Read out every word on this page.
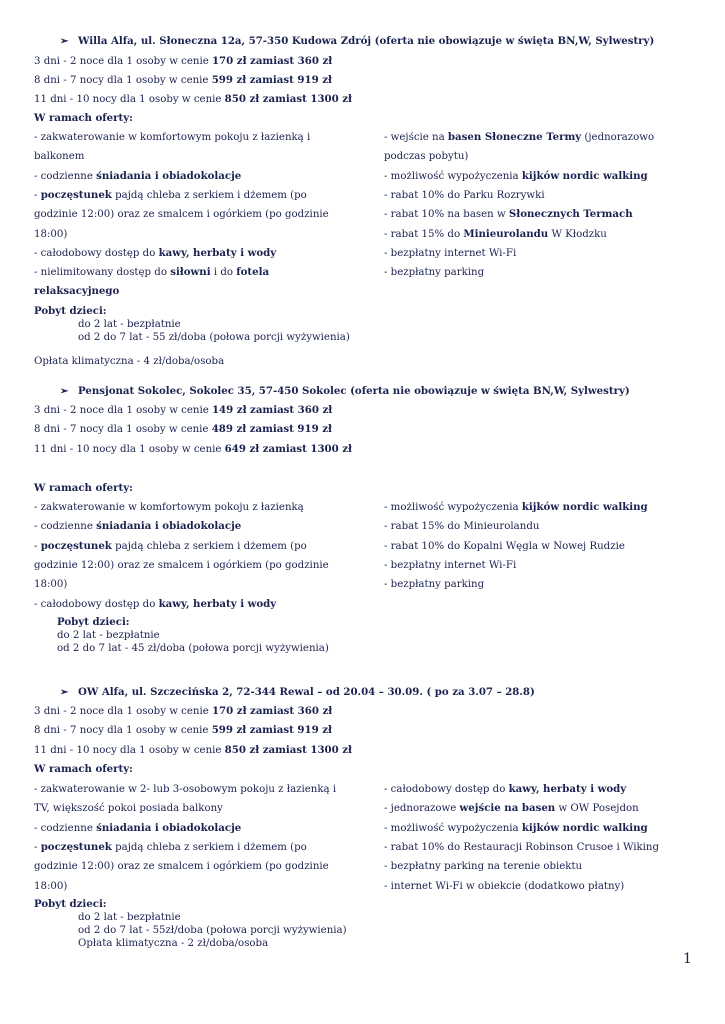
➢ Willa Alfa, ul. Słoneczna 12a, 57-350 Kudowa Zdrój (oferta nie obowiązuje w święta BN,W, Sylwestry)
3 dni - 2 noce dla 1 osoby w cenie 170 zł zamiast 360 zł
8 dni - 7 nocy dla 1 osoby w cenie 599 zł zamiast 919 zł
11 dni - 10 nocy dla 1 osoby w cenie 850 zł zamiast 1300 zł
W ramach oferty:
- zakwaterowanie w komfortowym pokoju z łazienką i
balkonem
- codzienne śniadania i obiadokolacje
- poczęstunek pajdą chleba z serkiem i dżemem (po
godzinie 12:00) oraz ze smalcem i ogórkiem (po godzinie
18:00)
- całodobowy dostęp do kawy, herbaty i wody
- nielimitowany dostęp do siłowni i do fotela
relaksacyjnego
- wejście na basen Słoneczne Termy (jednorazowo
podczas pobytu)
- możliwość wypożyczenia kijków nordic walking
- rabat 10% do Parku Rozrywki
- rabat 10% na basen w Słonecznych Termach
- rabat 15% do Minieurolandu W Kłodzku
- bezpłatny internet Wi-Fi
- bezpłatny parking
Pobyt dzieci:
do 2 lat - bezpłatnie
od 2 do 7 lat - 55 zł/doba (połowa porcji wyżywienia)
Opłata klimatyczna - 4 zł/doba/osoba
➢ Pensjonat Sokolec, Sokolec 35, 57-450 Sokolec (oferta nie obowiązuje w święta BN,W, Sylwestry)
3 dni - 2 noce dla 1 osoby w cenie 149 zł zamiast 360 zł
8 dni - 7 nocy dla 1 osoby w cenie 489 zł zamiast 919 zł
11 dni - 10 nocy dla 1 osoby w cenie 649 zł zamiast 1300 zł
W ramach oferty:
- zakwaterowanie w komfortowym pokoju z łazienką
- codzienne śniadania i obiadokolacje
- poczęstunek pajdą chleba z serkiem i dżemem (po
godzinie 12:00) oraz ze smalcem i ogórkiem (po godzinie
18:00)
- całodobowy dostęp do kawy, herbaty i wody
- możliwość wypożyczenia kijków nordic walking
- rabat 15% do Minieurolandu
- rabat 10% do Kopalni Węgla w Nowej Rudzie
- bezpłatny internet Wi-Fi
- bezpłatny parking
Pobyt dzieci:
do 2 lat - bezpłatnie
od 2 do 7 lat - 45 zł/doba (połowa porcji wyżywienia)
➢ OW Alfa, ul. Szczecińska 2, 72-344 Rewal – od 20.04 – 30.09. ( po za 3.07 – 28.8)
3 dni - 2 noce dla 1 osoby w cenie 170 zł zamiast 360 zł
8 dni - 7 nocy dla 1 osoby w cenie 599 zł zamiast 919 zł
11 dni - 10 nocy dla 1 osoby w cenie 850 zł zamiast 1300 zł
W ramach oferty:
- zakwaterowanie w 2- lub 3-osobowym pokoju z łazienką i
TV, większość pokoi posiada balkony
- codzienne śniadania i obiadokolacje
- poczęstunek pajdą chleba z serkiem i dżemem (po
godzinie 12:00) oraz ze smalcem i ogórkiem (po godzinie
18:00)
- całodobowy dostęp do kawy, herbaty i wody
- jednorazowe wejście na basen w OW Posejdon
- możliwość wypożyczenia kijków nordic walking
- rabat 10% do Restauracji Robinson Crusoe i Wiking
- bezpłatny parking na terenie obiektu
- internet Wi-Fi w obiekcie (dodatkowo płatny)
Pobyt dzieci:
do 2 lat - bezpłatnie
od 2 do 7 lat - 55zł/doba (połowa porcji wyżywienia)
Opłata klimatyczna - 2 zł/doba/osoba
1
